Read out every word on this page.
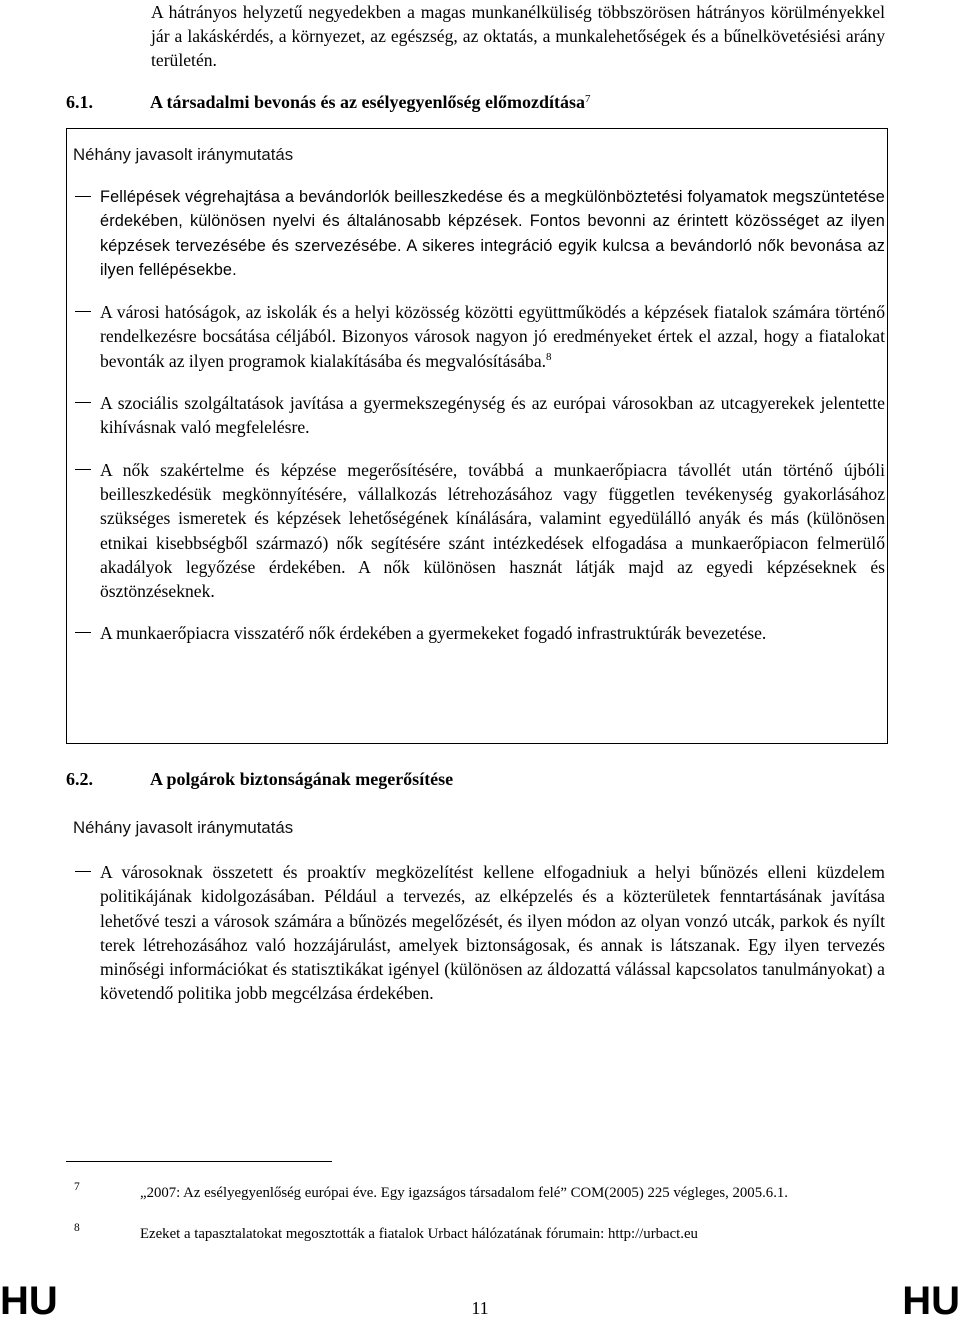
A hátrányos helyzetű negyedekben a magas munkanélküliség többszörösen hátrányos körülményekkel jár a lakáskérdés, a környezet, az egészség, az oktatás, a munkalehetőségek és a bűnelkövetésiési arány területén.

6.1.	A társadalmi bevonás és az esélyegyenlőség előmozdítása$^7$

Néhány javasolt iránymutatás

Fellépések végrehajtása a bevándorlók beilleszkedése és a megkülönböztetési folyamatok megszüntetése érdekében, különösen nyelvi és általánosabb képzések. Fontos bevonni az érintett közösséget az ilyen képzések tervezésébe és szervezésébe. A sikeres integráció egyik kulcsa a bevándorló nők bevonása az ilyen fellépésekbe.
A városi hatóságok, az iskolák és a helyi közösség közötti együttműködés a képzések fiatalok számára történő rendelkezésre bocsátása céljából. Bizonyos városok nagyon jó eredményeket értek el azzal, hogy a fiatalokat bevonták az ilyen programok kialakításába és megvalósításába.$^8$
A szociális szolgáltatások javítása a gyermekszegénység és az európai városokban az utcagyerekek jelentette kihívásnak való megfelelésre.
A nők szakértelme és képzése megerősítésére, továbbá a munkaerőpiacra távollét után történő újbóli beilleszkedésük megkönnyítésére, vállalkozás létrehozásához vagy független tevékenység gyakorlásához szükséges ismeretek és képzések lehetőségének kínálására, valamint egyedülálló anyák és más (különösen etnikai kisebbségből származó) nők segítésére szánt intézkedések elfogadása a munkaerőpiacon felmerülő akadályok legyőzése érdekében. A nők különösen hasznát látják majd az egyedi képzéseknek és ösztönzéseknek.
A munkaerőpiacra visszatérő nők érdekében a gyermekeket fogadó infrastruktúrák bevezetése.
6.2.	A polgárok biztonságának megerősítése

Néhány javasolt iránymutatás

A városoknak összetett és proaktív megközelítést kellene elfogadniuk a helyi bűnözés elleni küzdelem politikájának kidolgozásában. Például a tervezés, az elképzelés és a közterületek fenntartásának javítása lehetővé teszi a városok számára a bűnözés megelőzését, és ilyen módon az olyan vonzó utcák, parkok és nyílt terek létrehozásához való hozzájárulást, amelyek biztonságosak, és annak is látszanak. Egy ilyen tervezés minőségi információkat és statisztikákat igényel (különösen az áldozattá válással kapcsolatos tanulmányokat) a követendő politika jobb megcélzása érdekében.

7	„2007: Az esélyegyenlőség európai éve. Egy igazságos társadalom felé” COM(2005) 225 végleges, 2005.6.1.

8	Ezeket a tapasztalatokat megosztották a fiatalok Urbact hálózatának fórumain: http://urbact.eu

HU	11	HU
